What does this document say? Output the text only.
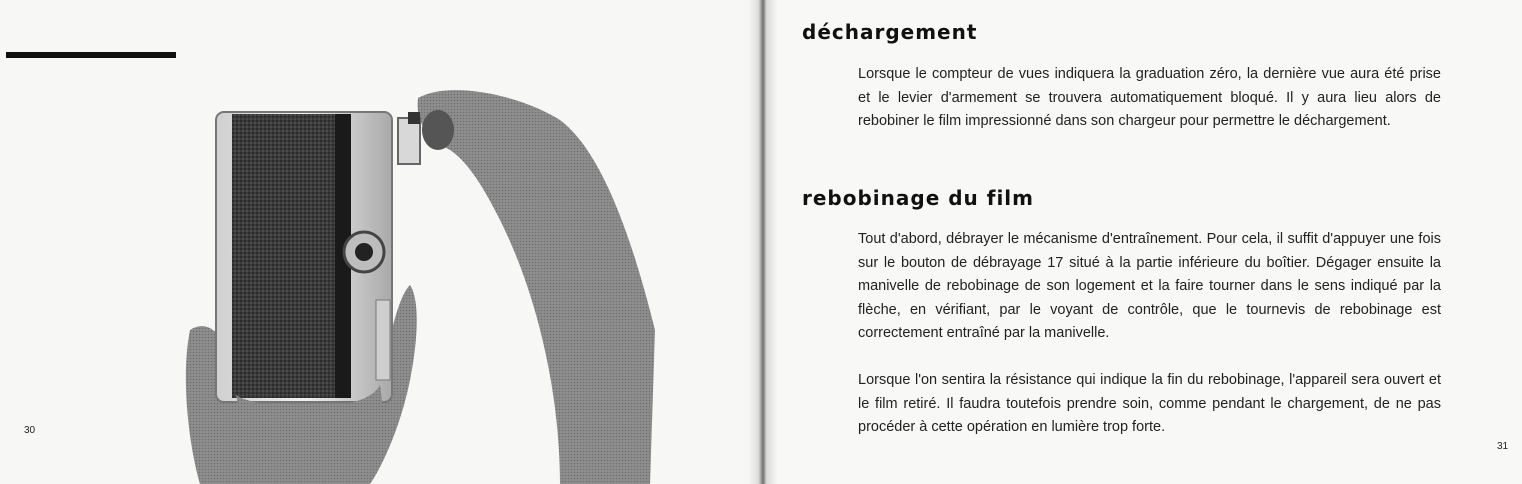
30
déchargement

Lorsque le compteur de vues indiquera la graduation zéro, la dernière vue aura été prise et le levier d'armement se trouvera automatiquement bloqué. Il y aura lieu alors de rebobiner le film impressionné dans son chargeur pour permettre le déchargement.

rebobinage du film

Tout d'abord, débrayer le mécanisme d'entraînement. Pour cela, il suffit d'appuyer une fois sur le bouton de débrayage 17 situé à la partie inférieure du boîtier. Dégager ensuite la manivelle de rebobinage de son logement et la faire tourner dans le sens indiqué par la flèche, en vérifiant, par le voyant de contrôle, que le tournevis de rebobinage est correctement entraîné par la manivelle.

Lorsque l'on sentira la résistance qui indique la fin du rebobinage, l'appareil sera ouvert et le film retiré. Il faudra toutefois prendre soin, comme pendant le chargement, de ne pas procéder à cette opération en lumière trop forte.

31
